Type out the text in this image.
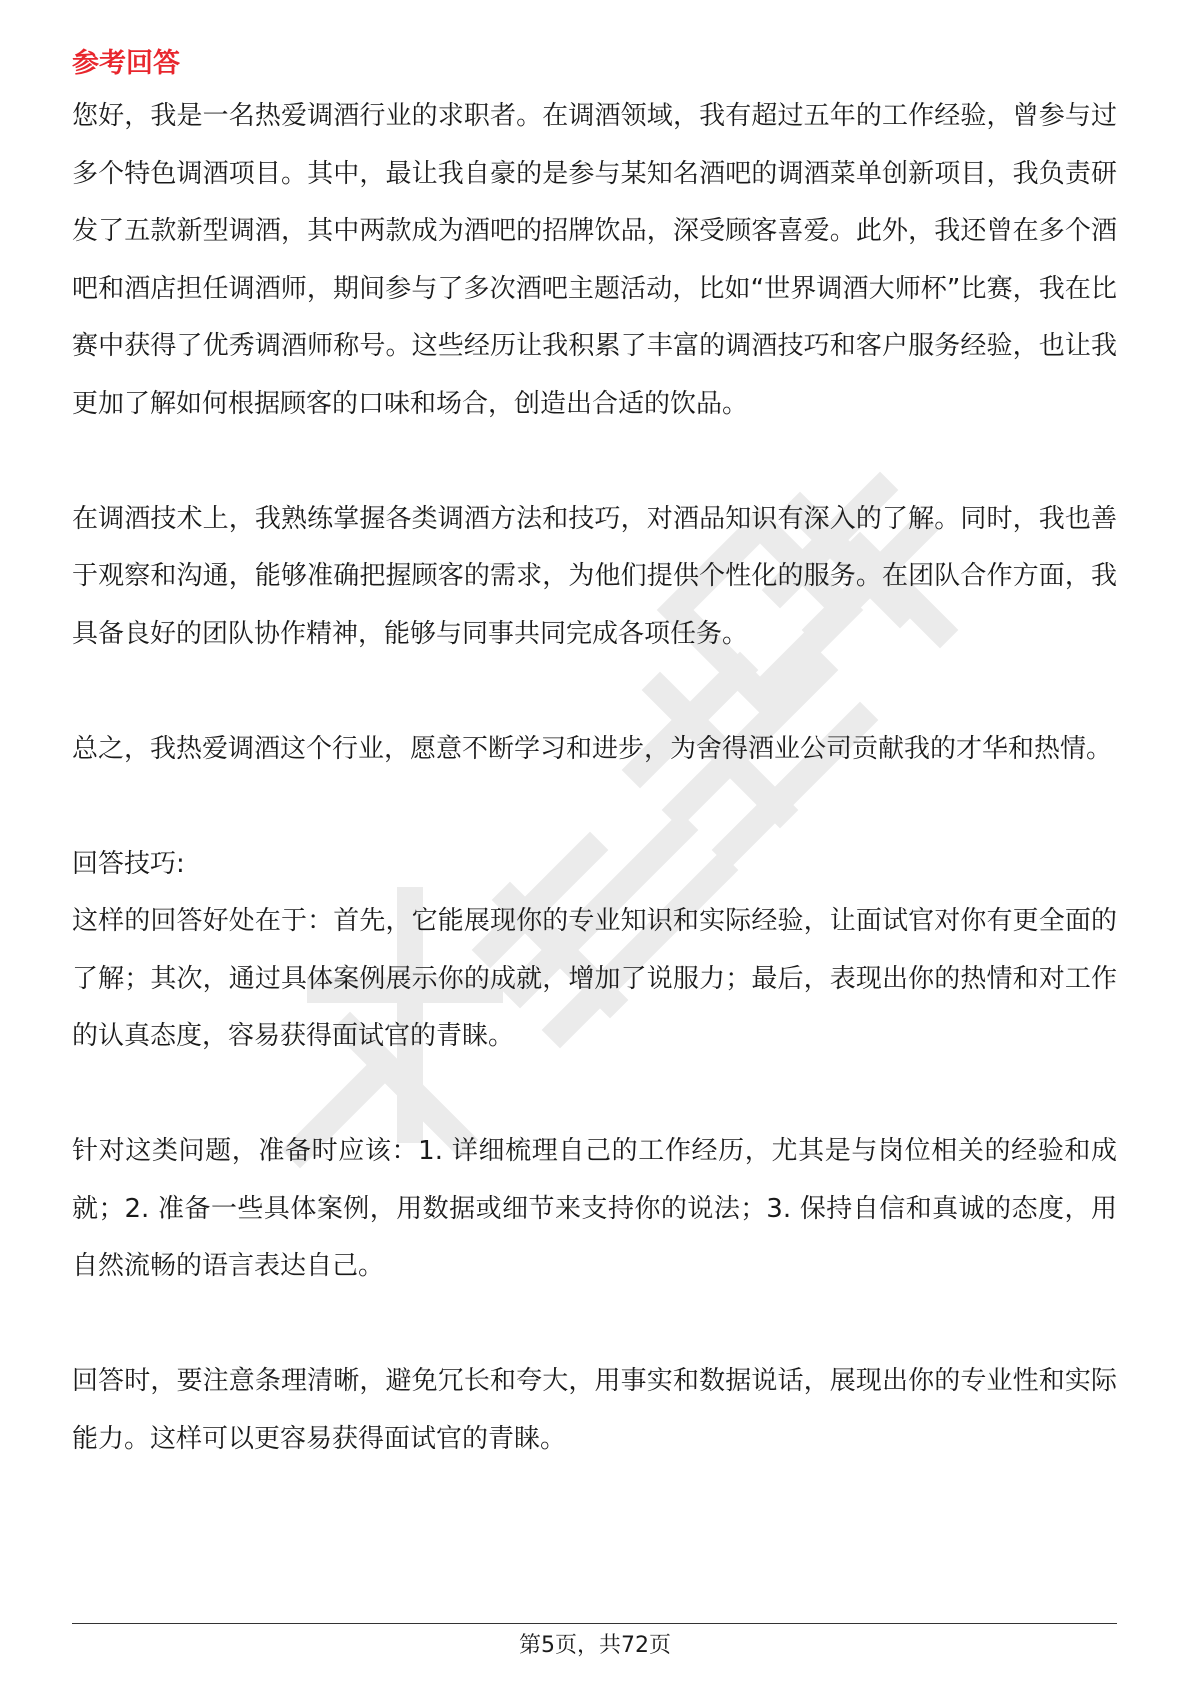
参考回答

您好，我是一名热爱调酒行业的求职者。在调酒领域，我有超过五年的工作经验，曾参与过多个特色调酒项目。其中，最让我自豪的是参与某知名酒吧的调酒菜单创新项目，我负责研发了五款新型调酒，其中两款成为酒吧的招牌饮品，深受顾客喜爱。此外，我还曾在多个酒吧和酒店担任调酒师，期间参与了多次酒吧主题活动，比如“世界调酒大师杯”比赛，我在比赛中获得了优秀调酒师称号。这些经历让我积累了丰富的调酒技巧和客户服务经验，也让我更加了解如何根据顾客的口味和场合，创造出合适的饮品。

在调酒技术上，我熟练掌握各类调酒方法和技巧，对酒品知识有深入的了解。同时，我也善于观察和沟通，能够准确把握顾客的需求，为他们提供个性化的服务。在团队合作方面，我具备良好的团队协作精神，能够与同事共同完成各项任务。

总之，我热爱调酒这个行业，愿意不断学习和进步，为舍得酒业公司贡献我的才华和热情。

回答技巧:

这样的回答好处在于：首先，它能展现你的专业知识和实际经验，让面试官对你有更全面的了解；其次，通过具体案例展示你的成就，增加了说服力；最后，表现出你的热情和对工作的认真态度，容易获得面试官的青睐。

针对这类问题，准备时应该：1. 详细梳理自己的工作经历，尤其是与岗位相关的经验和成就；2. 准备一些具体案例，用数据或细节来支持你的说法；3. 保持自信和真诚的态度，用自然流畅的语言表达自己。

回答时，要注意条理清晰，避免冗长和夸大，用事实和数据说话，展现出你的专业性和实际能力。这样可以更容易获得面试官的青睐。

第5页，共72页
